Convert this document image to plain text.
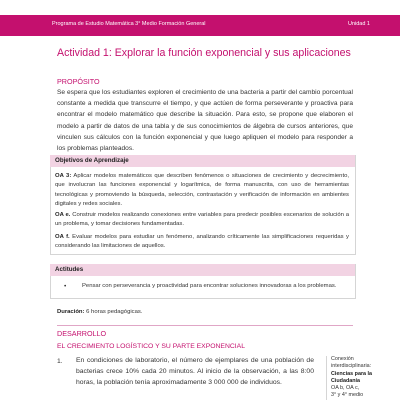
Programa de Estudio Matemática 3° Medio Formación General	Unidad 1
Actividad 1: Explorar la función exponencial y sus aplicaciones
PROPÓSITO

Se espera que los estudiantes exploren el crecimiento de una bacteria a partir del cambio porcentual constante a medida que transcurre el tiempo, y que actúen de forma perseverante y proactiva para encontrar el modelo matemático que describe la situación. Para esto, se propone que elaboren el modelo a partir de datos de una tabla y de sus conocimientos de álgebra de cursos anteriores, que vinculen sus cálculos con la función exponencial y que luego apliquen el modelo para responder a los problemas planteados.

Objetivos de Aprendizaje

OA 3: Aplicar modelos matemáticos que describen fenómenos o situaciones de crecimiento y decrecimiento, que involucran las funciones exponencial y logarítmica, de forma manuscrita, con uso de herramientas tecnológicas y promoviendo la búsqueda, selección, contrastación y verificación de información en ambientes digitales y redes sociales.

OA e. Construir modelos realizando conexiones entre variables para predecir posibles escenarios de solución a un problema, y tomar decisiones fundamentadas.

OA f. Evaluar modelos para estudiar un fenómeno, analizando críticamente las simplificaciones requeridas y considerando las limitaciones de aquellos.

Actitudes
•	Pensar con perseverancia y proactividad para encontrar soluciones innovadoras a los problemas.
Duración: 6 horas pedagógicas.
DESARROLLO
EL CRECIMIENTO LOGÍSTICO Y SU PARTE EXPONENCIAL
1. En condiciones de laboratorio, el número de ejemplares de una población de bacterias crece 10% cada 20 minutos. Al inicio de la observación, a las 8:00 horas, la población tenía aproximadamente 3 000 000 de individuos.

Conexión interdisciplinaria:
Ciencias para la Ciudadanía
OA b, OA c,
3° y 4° medio
